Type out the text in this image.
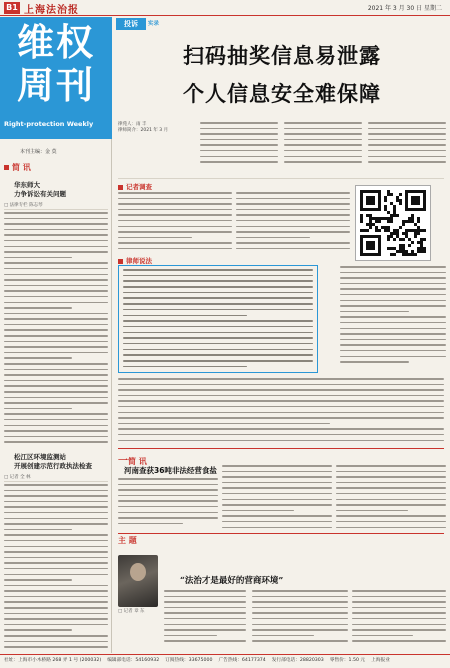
B1 上海法治报	2021 年 3 月 30 日 星期二
维权
周刊
Right-protection Weekly
本刊主编：金 莫
简 讯
华东师大
力争诉讼有关问题
□ 法律专栏 陈志琴
松江区环境监测站
开展创建示范行政执法检查
□ 记者 全 林
投诉	实录
扫码抽奖信息易泄露
个人信息安全难保障
律苑人：雨 丰
律师简介：2021 年 3 月
记者调查
律师说法
一简 讯
河南查获36吨非法经营食盐
主 题
“法治才是最好的营商环境”
□ 记者 章 东
社址：上海市小木桥路 268 弄 1 号 (200032) 编辑部电话：54160932 订阅热线：33675000 广告热线：64177374 发行部电话：28820303 零售价：1.50 元 上海报业
